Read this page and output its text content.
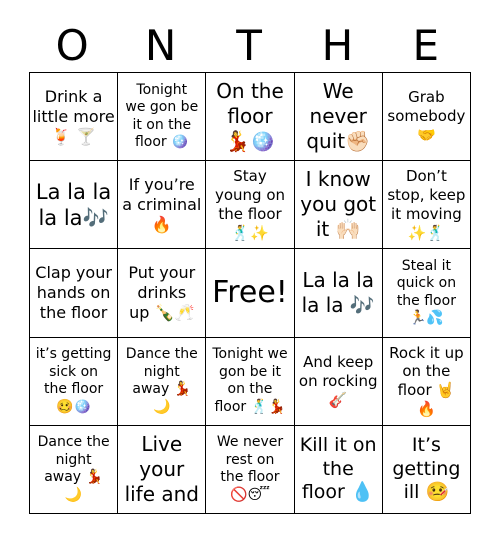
O	N	T	H	E
Drink a
little more
🍹 🍸
Tonight
we gon be
it on the
floor 🪩
On the
floor
💃🪩
We
never
quit✊🏻
Grab
somebody
🤝
La la la
la la🎶
If you’re
a criminal
🔥
Stay
young on
the floor
🕺✨
I know
you got
it 🙌🏻
Don’t
stop, keep
it moving
✨🕺
Clap your
hands on
the floor
Put your
drinks
up 🍾🥂
Free! La la la
la la 🎶
Steal it
quick on
the floor
🏃💦
it’s getting
sick on
the floor
🥴🪩
Dance the
night
away 💃
🌙
Tonight we
gon be it
on the
floor 🕺💃
And keep
on rocking
🎸
Rock it up
on the
floor 🤘
🔥
Dance the
night
away 💃
🌙
Live
your
life and
We never
rest on
the floor
🚫😴
Kill it on
the
floor 💧
It’s
getting
ill 🤒
